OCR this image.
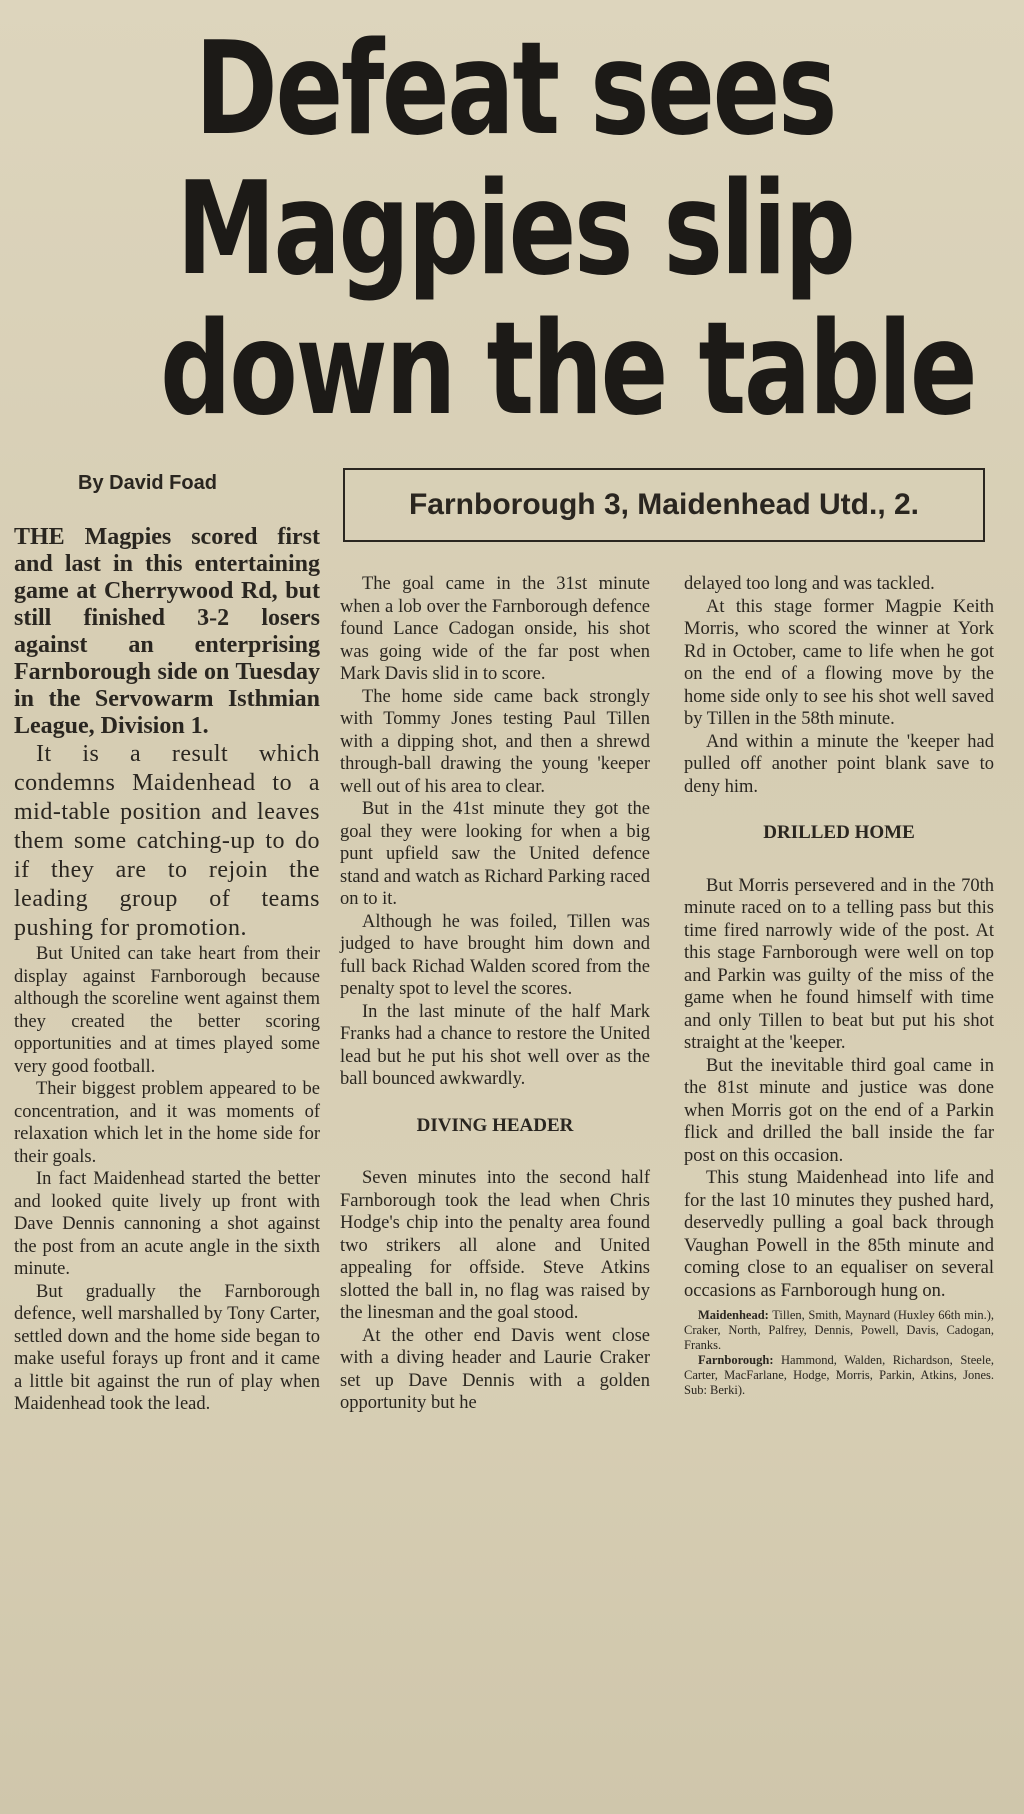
Defeat sees
Magpies slip
down the table
By David Foad
Farnborough 3, Maidenhead Utd., 2.

THE Magpies scored first and last in this entertaining game at Cherrywood Rd, but still finished 3-2 losers against an enterprising Farnborough side on Tuesday in the Servowarm Isthmian League, Division 1.

It is a result which condemns Maidenhead to a mid-table position and leaves them some catching-up to do if they are to rejoin the leading group of teams pushing for promotion.

But United can take heart from their display against Farnborough because although the scoreline went against them they created the better scoring opportunities and at times played some very good football.

Their biggest problem appeared to be concentration, and it was moments of relaxation which let in the home side for their goals.

In fact Maidenhead started the better and looked quite lively up front with Dave Dennis cannoning a shot against the post from an acute angle in the sixth minute.

But gradually the Farnborough defence, well marshalled by Tony Carter, settled down and the home side began to make useful forays up front and it came a little bit against the run of play when Maidenhead took the lead.

The goal came in the 31st minute when a lob over the Farnborough defence found Lance Cadogan onside, his shot was going wide of the far post when Mark Davis slid in to score.

The home side came back strongly with Tommy Jones testing Paul Tillen with a dipping shot, and then a shrewd through-ball drawing the young 'keeper well out of his area to clear.

But in the 41st minute they got the goal they were looking for when a big punt upfield saw the United defence stand and watch as Richard Parking raced on to it.

Although he was foiled, Tillen was judged to have brought him down and full back Richad Walden scored from the penalty spot to level the scores.

In the last minute of the half Mark Franks had a chance to restore the United lead but he put his shot well over as the ball bounced awkwardly.

DIVING HEADER

Seven minutes into the second half Farnborough took the lead when Chris Hodge's chip into the penalty area found two strikers all alone and United appealing for offside. Steve Atkins slotted the ball in, no flag was raised by the linesman and the goal stood.

At the other end Davis went close with a diving header and Laurie Craker set up Dave Dennis with a golden opportunity but he

delayed too long and was tackled.

At this stage former Magpie Keith Morris, who scored the winner at York Rd in October, came to life when he got on the end of a flowing move by the home side only to see his shot well saved by Tillen in the 58th minute.

And within a minute the 'keeper had pulled off another point blank save to deny him.

DRILLED HOME

But Morris persevered and in the 70th minute raced on to a telling pass but this time fired narrowly wide of the post. At this stage Farnborough were well on top and Parkin was guilty of the miss of the game when he found himself with time and only Tillen to beat but put his shot straight at the 'keeper.

But the inevitable third goal came in the 81st minute and justice was done when Morris got on the end of a Parkin flick and drilled the ball inside the far post on this occasion.

This stung Maidenhead into life and for the last 10 minutes they pushed hard, deservedly pulling a goal back through Vaughan Powell in the 85th minute and coming close to an equaliser on several occasions as Farnborough hung on.

Maidenhead: Tillen, Smith, Maynard (Huxley 66th min.), Craker, North, Palfrey, Dennis, Powell, Davis, Cadogan, Franks.

Farnborough: Hammond, Walden, Richardson, Steele, Carter, MacFarlane, Hodge, Morris, Parkin, Atkins, Jones. Sub: Berki).
